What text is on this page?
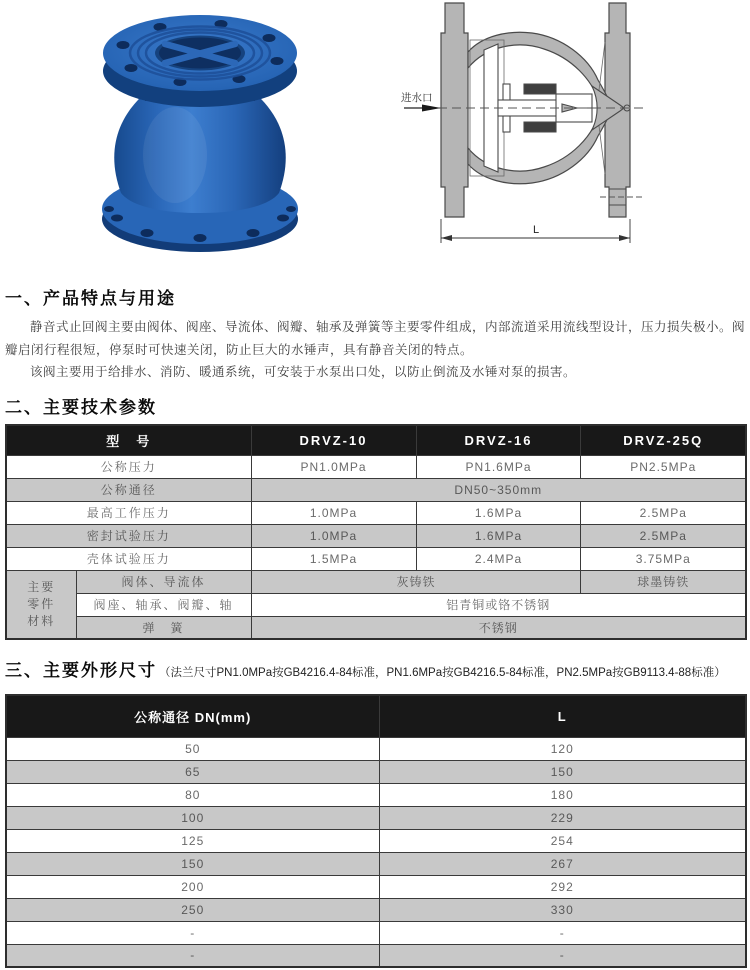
进水口
L
一、产品特点与用途

静音式止回阀主要由阀体、阀座、导流体、阀瓣、轴承及弹簧等主要零件组成，内部流道采用流线型设计，压力损失极小。阀瓣启闭行程很短，停泵时可快速关闭，防止巨大的水锤声，具有静音关闭的特点。

该阀主要用于给排水、消防、暖通系统，可安装于水泵出口处，以防止倒流及水锤对泵的损害。

二、主要技术参数
型　号		DRVZ-10	DRVZ-16	DRVZ-25Q
公称压力		PN1.0MPa	PN1.6MPa	PN2.5MPa
公称通径		DN50~350mm		
最高工作压力		1.0MPa	1.6MPa	2.5MPa
密封试验压力		1.0MPa	1.6MPa	2.5MPa
壳体试验压力		1.5MPa	2.4MPa	3.75MPa

主要
零件
材料	阀体、导流体	灰铸铁		球墨铸铁
	阀座、轴承、阀瓣、轴	铝青铜或铬不锈钢		
	弹　簧	不锈钢		
三、主要外形尺寸 （法兰尺寸PN1.0MPa按GB4216.4-84标准，PN1.6MPa按GB4216.5-84标准，PN2.5MPa按GB9113.4-88标准）
公称通径 DN(mm)	L
50	120
65	150
80	180
100	229
125	254
150	267
200	292
250	330
-	-
-	-
